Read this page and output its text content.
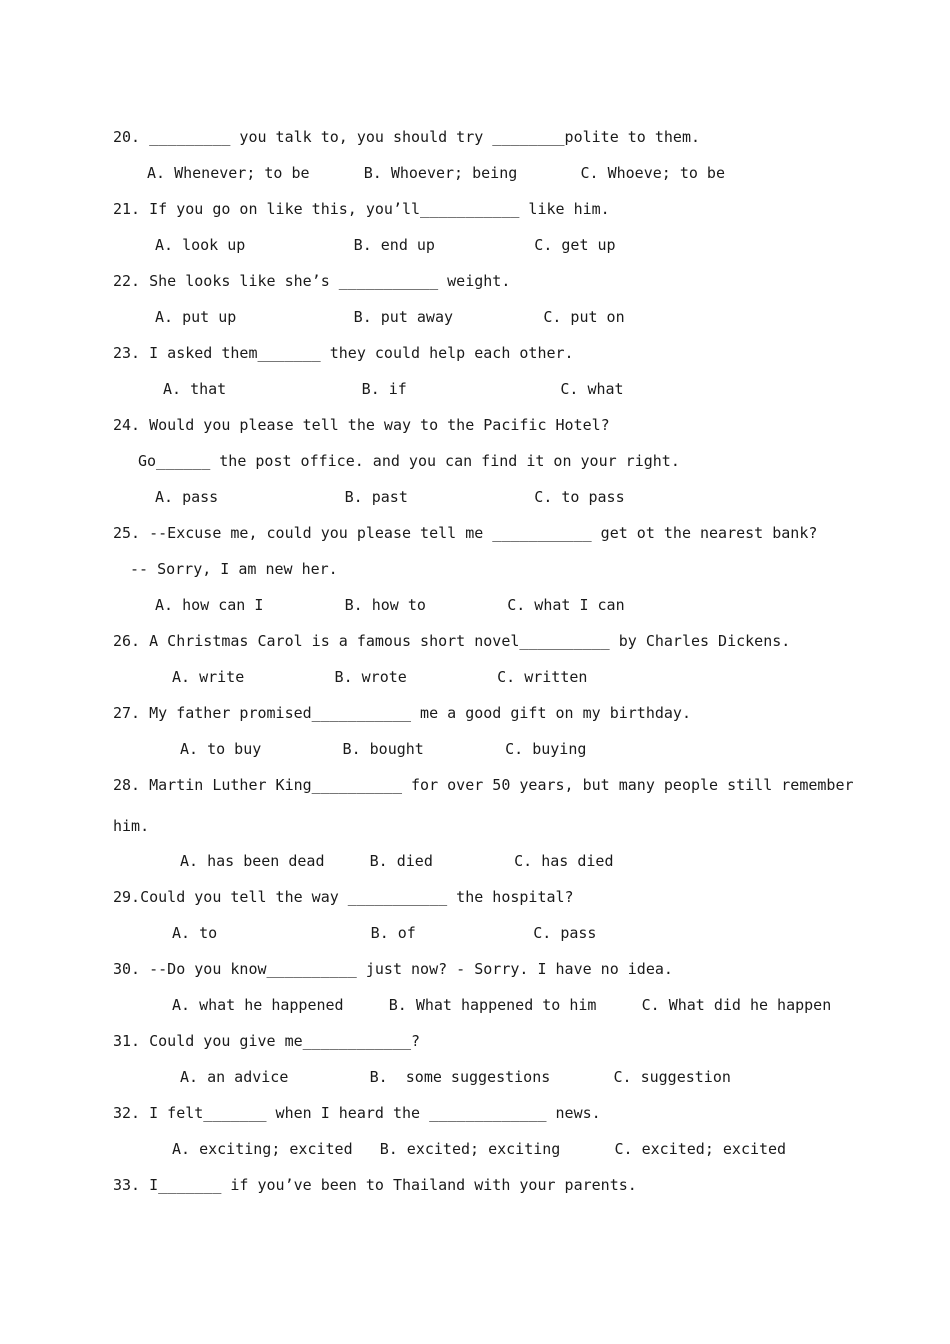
20. _________ you talk to, you should try ________polite to them.
A. Whenever; to be      B. Whoever; being       C. Whoeve; to be
21. If you go on like this, you’ll___________ like him.
A. look up            B. end up           C. get up
22. She looks like she’s ___________ weight.
A. put up             B. put away          C. put on
23. I asked them_______ they could help each other.
A. that               B. if                 C. what
24. Would you please tell the way to the Pacific Hotel?
Go______ the post office. and you can find it on your right.
A. pass              B. past              C. to pass
25. --Excuse me, could you please tell me ___________ get ot the nearest bank?
-- Sorry, I am new her.
A. how can I         B. how to         C. what I can
26. A Christmas Carol is a famous short novel__________ by Charles Dickens.
A. write          B. wrote          C. written
27. My father promised___________ me a good gift on my birthday.
A. to buy         B. bought         C. buying
28. Martin Luther King__________ for over 50 years, but many people still remember
him.
A. has been dead     B. died         C. has died
29.Could you tell the way ___________ the hospital?
A. to                 B. of             C. pass
30. --Do you know__________ just now? - Sorry. I have no idea.
A. what he happened     B. What happened to him     C. What did he happen
31. Could you give me____________?
A. an advice         B.  some suggestions       C. suggestion
32. I felt_______ when I heard the _____________ news.
A. exciting; excited   B. excited; exciting      C. excited; excited
33. I_______ if you’ve been to Thailand with your parents.
